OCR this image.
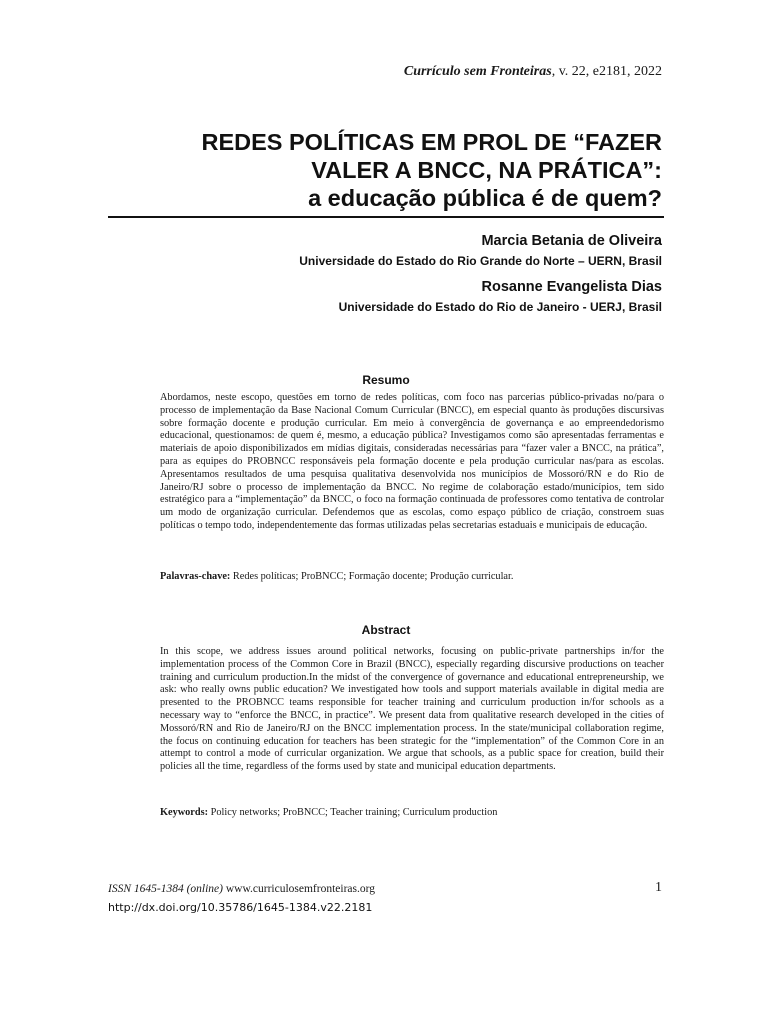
Currículo sem Fronteiras, v. 22, e2181, 2022
REDES POLÍTICAS EM PROL DE “FAZER
VALER A BNCC, NA PRÁTICA”:
a educação pública é de quem?
Marcia Betania de Oliveira
Universidade do Estado do Rio Grande do Norte – UERN, Brasil
Rosanne Evangelista Dias
Universidade do Estado do Rio de Janeiro - UERJ, Brasil
Resumo

Abordamos, neste escopo, questões em torno de redes políticas, com foco nas parcerias público-privadas no/para o processo de implementação da Base Nacional Comum Curricular (BNCC), em especial quanto às produções discursivas sobre formação docente e produção curricular. Em meio à convergência de governança e ao empreendedorismo educacional, questionamos: de quem é, mesmo, a educação pública? Investigamos como são apresentadas ferramentas e materiais de apoio disponibilizados em mídias digitais, consideradas necessárias para “fazer valer a BNCC, na prática”, para as equipes do PROBNCC responsáveis pela formação docente e pela produção curricular nas/para as escolas. Apresentamos resultados de uma pesquisa qualitativa desenvolvida nos municípios de Mossoró/RN e do Rio de Janeiro/RJ sobre o processo de implementação da BNCC. No regime de colaboração estado/municípios, tem sido estratégico para a “implementação” da BNCC, o foco na formação continuada de professores como tentativa de controlar um modo de organização curricular. Defendemos que as escolas, como espaço público de criação, constroem suas políticas o tempo todo, independentemente das formas utilizadas pelas secretarias estaduais e municipais de educação.

Palavras-chave: Redes políticas; ProBNCC; Formação docente; Produção curricular.
Abstract

In this scope, we address issues around political networks, focusing on public-private partnerships in/for the implementation process of the Common Core in Brazil (BNCC), especially regarding discursive productions on teacher training and curriculum production.In the midst of the convergence of governance and educational entrepreneurship, we ask: who really owns public education? We investigated how tools and support materials available in digital media are presented to the PROBNCC teams responsible for teacher training and curriculum production in/for schools as a necessary way to “enforce the BNCC, in practice”. We present data from qualitative research developed in the cities of Mossoró/RN and Rio de Janeiro/RJ on the BNCC implementation process. In the state/municipal collaboration regime, the focus on continuing education for teachers has been strategic for the “implementation” of the Common Core in an attempt to control a mode of curricular organization. We argue that schools, as a public space for creation, build their policies all the time, regardless of the forms used by state and municipal education departments.

Keywords: Policy networks; ProBNCC; Teacher training; Curriculum production
ISSN 1645-1384 (online) www.curriculosemfronteiras.org	1
http://dx.doi.org/10.35786/1645-1384.v22.2181
